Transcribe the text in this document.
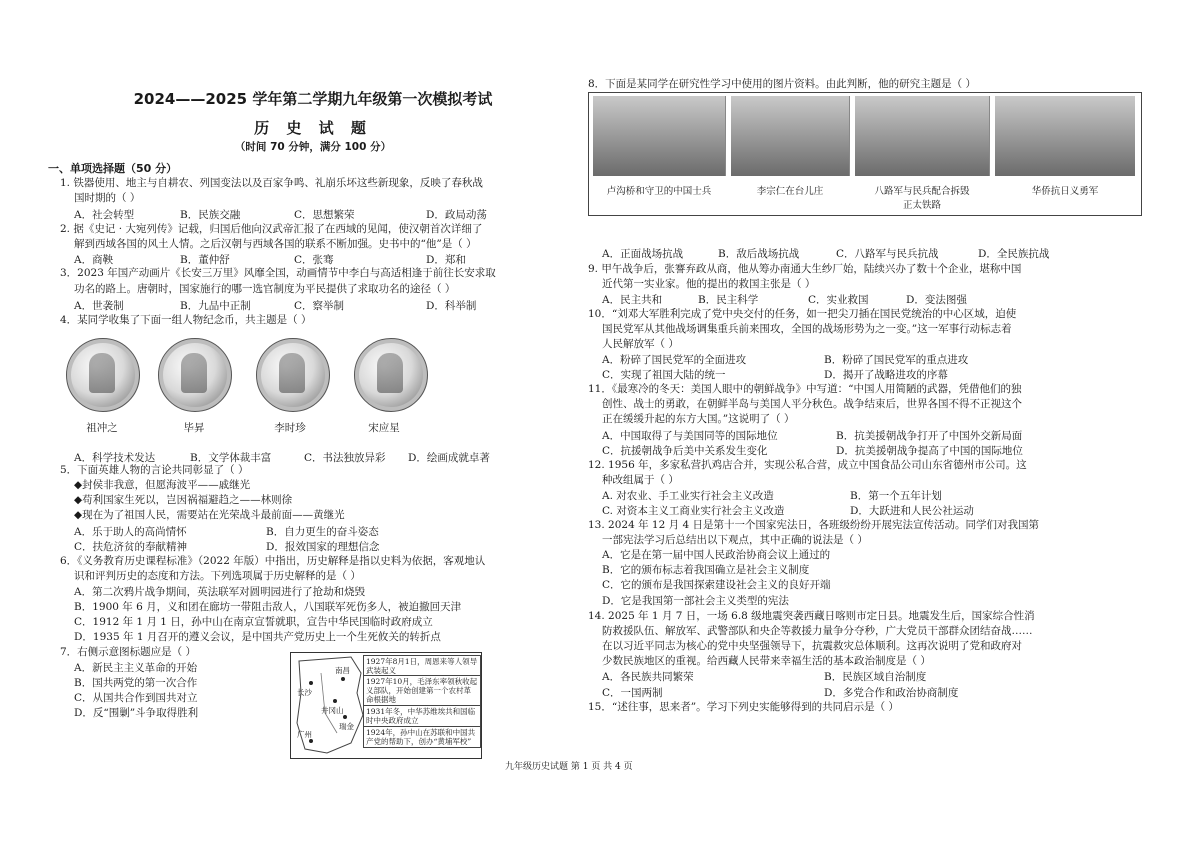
2024——2025 学年第二学期九年级第一次模拟考试
历 史 试 题
（时间 70 分钟，满分 100 分）
一、单项选择题（50 分）
1. 铁器使用、地主与自耕农、列国变法以及百家争鸣、礼崩乐坏这些新现象，反映了春秋战
国时期的（ ）
A．社会转型	B．民族交融	C．思想繁荣	D．政局动荡
2. 据《史记 · 大宛列传》记载，归国后他向汉武帝汇报了在西域的见闻，使汉朝首次详细了
解到西域各国的风土人情。之后汉朝与西域各国的联系不断加强。史书中的“他”是（ ）
A．商鞅	B．董仲舒	C．张骞	D．郑和
3．2023 年国产动画片《长安三万里》风靡全国，动画情节中李白与高适相逢于前往长安求取
功名的路上。唐朝时，国家施行的哪一选官制度为平民提供了求取功名的途径（ ）
A．世袭制	B．九品中正制	C．察举制	D．科举制
4．某同学收集了下面一组人物纪念币，共主题是（ ）
祖冲之	毕昇	李时珍	宋应星
A．科学技术发达	B．文学体裁丰富	C．书法独放异彩 D．绘画成就卓著
5．下面英雄人物的言论共同彰显了（ ）
◆封侯非我意，但愿海波平——戚继光
◆苟利国家生死以，岂因祸福避趋之——林则徐
◆现在为了祖国人民，需要站在光荣战斗最前面——黄继光
A．乐于助人的高尚情怀	B．自力更生的奋斗姿态
C．扶危济贫的奉献精神	D．报效国家的理想信念
6．《义务教育历史课程标准》（2022 年版）中指出，历史解释是指以史料为依据，客观地认
识和评判历史的态度和方法。下列选项属于历史解释的是（ ）
A．第二次鸦片战争期间，英法联军对圆明园进行了抢劫和烧毁
B．1900 年 6 月，义和团在廊坊一带阻击敌人，八国联军死伤多人，被迫撤回天津
C．1912 年 1 月 1 日，孙中山在南京宣誓就职，宣告中华民国临时政府成立
D．1935 年 1 月召开的遵义会议，是中国共产党历史上一个生死攸关的转折点
7．右侧示意图标题应是（ ）
A．新民主主义革命的开始
B．国共两党的第一次合作
C．从国共合作到国共对立
D．反“围剿”斗争取得胜利
长沙
南昌
井冈山
瑞金
广州
1927年8月1日，周恩来等人领导武装起义
1927年10月，毛泽东率领秋收起义部队，开始创建第一个农村革命根据地
1931年冬，中华苏维埃共和国临时中央政府成立
1924年，孙中山在苏联和中国共产党的帮助下，创办“黄埔军校”
8．下面是某同学在研究性学习中使用的图片资料。由此判断，他的研究主题是（ ）
卢沟桥和守卫的中国士兵	李宗仁在台儿庄	八路军与民兵配合拆毁
正太铁路
华侨抗日义勇军
A．正面战场抗战	B．敌后战场抗战	C．八路军与民兵抗战	D．全民族抗战
9. 甲午战争后，张謇弃政从商，他从筹办南通大生纱厂始，陆续兴办了数十个企业，堪称中国
近代第一实业家。他的提出的救国主张是（ ）
A．民主共和	B．民主科学	C．实业救国	D．变法图强
10．“刘邓大军胜利完成了党中央交付的任务，如一把尖刀插在国民党统治的中心区域，迫使
国民党军从其他战场调集重兵前来围攻，全国的战场形势为之一变。”这一军事行动标志着
人民解放军（ ）
A．粉碎了国民党军的全面进攻	B．粉碎了国民党军的重点进攻
C．实现了祖国大陆的统一	D．揭开了战略进攻的序幕
11．《最寒冷的冬天：美国人眼中的朝鲜战争》中写道：“中国人用简陋的武器，凭借他们的独
创性、战士的勇敢，在朝鲜半岛与美国人平分秋色。战争结束后，世界各国不得不正视这个
正在缓缓升起的东方大国。”这说明了（ ）
A．中国取得了与美国同等的国际地位	B．抗美援朝战争打开了中国外交新局面
C．抗援朝战争后美中关系发生变化	D．抗美援朝战争提高了中国的国际地位
12. 1956 年，多家私营扒鸡店合并，实现公私合营，成立中国食品公司山东省德州市公司。这
种改组属于（ ）
A. 对农业、手工业实行社会主义改造	B．第一个五年计划
C. 对资本主义工商业实行社会主义改造	D．大跃进和人民公社运动
13. 2024 年 12 月 4 日是第十一个国家宪法日，各班级纷纷开展宪法宣传活动。同学们对我国第
一部宪法学习后总结出以下观点，其中正确的说法是（ ）
A．它是在第一届中国人民政治协商会议上通过的
B．它的颁布标志着我国确立是社会主义制度
C．它的颁布是我国探索建设社会主义的良好开端
D．它是我国第一部社会主义类型的宪法
14. 2025 年 1 月 7 日，一场 6.8 级地震突袭西藏日喀则市定日县。地震发生后，国家综合性消
防救援队伍、解放军、武警部队和央企等救援力量争分夺秒，广大党员干部群众团结奋战……
在以习近平同志为核心的党中央坚强领导下，抗震救灾总体顺利。这再次说明了党和政府对
少数民族地区的重视。给西藏人民带来幸福生活的基本政治制度是（ ）
A．各民族共同繁荣	B．民族区域自治制度
C．一国两制	D．多党合作和政治协商制度
15．“述往事，思来者”。学习下列史实能够得到的共同启示是（ ）
九年级历史试题 第 1 页 共 4 页
